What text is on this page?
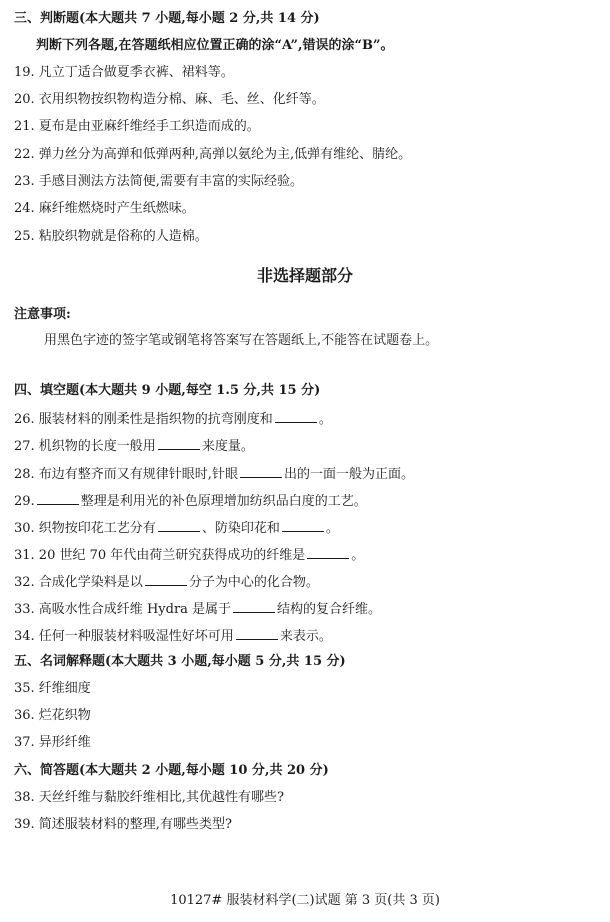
三、判断题(本大题共 7 小题,每小题 2 分,共 14 分)
判断下列各题,在答题纸相应位置正确的涂“A”,错误的涂“B”。
19. 凡立丁适合做夏季衣裤、裙料等。
20. 衣用织物按织物构造分棉、麻、毛、丝、化纤等。
21. 夏布是由亚麻纤维经手工织造而成的。
22. 弹力丝分为高弹和低弹两种,高弹以氨纶为主,低弹有维纶、腈纶。
23. 手感目测法方法简便,需要有丰富的实际经验。
24. 麻纤维燃烧时产生纸燃味。
25. 粘胶织物就是俗称的人造棉。
非选择题部分
注意事项:
用黑色字迹的签字笔或钢笔将答案写在答题纸上,不能答在试题卷上。
四、填空题(本大题共 9 小题,每空 1.5 分,共 15 分)
26. 服装材料的刚柔性是指织物的抗弯刚度和	。
27. 机织物的长度一般用	来度量。
28. 布边有整齐而又有规律针眼时,针眼	出的一面一般为正面。
29.	整理是利用光的补色原理增加纺织品白度的工艺。
30. 织物按印花工艺分有	、防染印花和	。
31. 20 世纪 70 年代由荷兰研究获得成功的纤维是	。
32. 合成化学染料是以	分子为中心的化合物。
33. 高吸水性合成纤维 Hydra 是属于	结构的复合纤维。
34. 任何一种服装材料吸湿性好坏可用	来表示。
五、名词解释题(本大题共 3 小题,每小题 5 分,共 15 分)
35. 纤维细度
36. 烂花织物
37. 异形纤维
六、简答题(本大题共 2 小题,每小题 10 分,共 20 分)
38. 天丝纤维与黏胶纤维相比,其优越性有哪些?
39. 简述服装材料的整理,有哪些类型?
10127# 服装材料学(二)试题 第 3 页(共 3 页)
